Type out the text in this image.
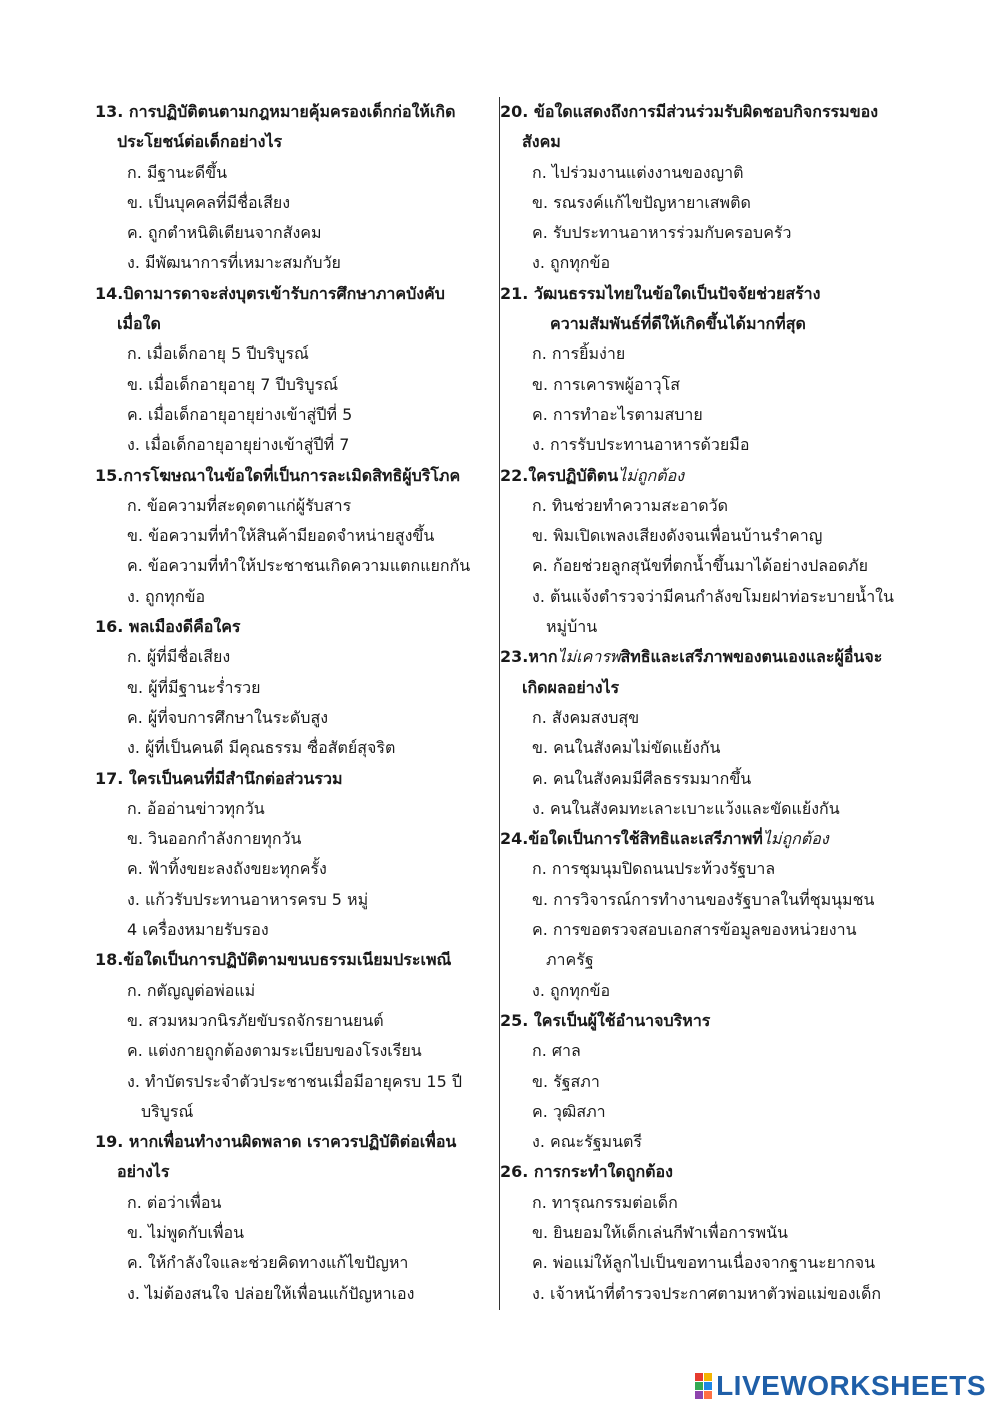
13. การปฏิบัติตนตามกฎหมายคุ้มครองเด็กก่อให้เกิด
ประโยชน์ต่อเด็กอย่างไร
ก. มีฐานะดีขึ้น
ข. เป็นบุคคลที่มีชื่อเสียง
ค. ถูกตำหนิติเตียนจากสังคม
ง. มีพัฒนาการที่เหมาะสมกับวัย
14.บิดามารดาจะส่งบุตรเข้ารับการศึกษาภาคบังคับ
เมื่อใด
ก. เมื่อเด็กอายุ 5 ปีบริบูรณ์
ข. เมื่อเด็กอายุอายุ 7 ปีบริบูรณ์
ค. เมื่อเด็กอายุอายุย่างเข้าสู่ปีที่ 5
ง. เมื่อเด็กอายุอายุย่างเข้าสู่ปีที่ 7
15.การโฆษณาในข้อใดที่เป็นการละเมิดสิทธิผู้บริโภค
ก. ข้อความที่สะดุดตาแก่ผู้รับสาร
ข. ข้อความที่ทำให้สินค้ามียอดจำหน่ายสูงขึ้น
ค. ข้อความที่ทำให้ประชาชนเกิดความแตกแยกกัน
ง. ถูกทุกข้อ
16. พลเมืองดีคือใคร
ก. ผู้ที่มีชื่อเสียง
ข. ผู้ที่มีฐานะร่ำรวย
ค. ผู้ที่จบการศึกษาในระดับสูง
ง. ผู้ที่เป็นคนดี มีคุณธรรม ซื่อสัตย์สุจริต
17. ใครเป็นคนที่มีสำนึกต่อส่วนรวม
ก. อ้ออ่านข่าวทุกวัน
ข. วินออกกำลังกายทุกวัน
ค. ฟ้าทิ้งขยะลงถังขยะทุกครั้ง
ง. แก้วรับประทานอาหารครบ 5 หมู่
4 เครื่องหมายรับรอง
18.ข้อใดเป็นการปฏิบัติตามขนบธรรมเนียมประเพณี
ก. กตัญญูต่อพ่อแม่
ข. สวมหมวกนิรภัยขับรถจักรยานยนต์
ค. แต่งกายถูกต้องตามระเบียบของโรงเรียน
ง. ทำบัตรประจำตัวประชาชนเมื่อมีอายุครบ 15 ปี
บริบูรณ์
19. หากเพื่อนทำงานผิดพลาด เราควรปฏิบัติต่อเพื่อน
อย่างไร
ก. ต่อว่าเพื่อน
ข. ไม่พูดกับเพื่อน
ค. ให้กำลังใจและช่วยคิดทางแก้ไขปัญหา
ง. ไม่ต้องสนใจ ปล่อยให้เพื่อนแก้ปัญหาเอง
20. ข้อใดแสดงถึงการมีส่วนร่วมรับผิดชอบกิจกรรมของ
สังคม
ก. ไปร่วมงานแต่งงานของญาติ
ข. รณรงค์แก้ไขปัญหายาเสพติด
ค. รับประทานอาหารร่วมกับครอบครัว
ง. ถูกทุกข้อ
21. วัฒนธรรมไทยในข้อใดเป็นปัจจัยช่วยสร้าง
ความสัมพันธ์ที่ดีให้เกิดขึ้นได้มากที่สุด
ก. การยิ้มง่าย
ข. การเคารพผู้อาวุโส
ค. การทำอะไรตามสบาย
ง. การรับประทานอาหารด้วยมือ
22.ใครปฏิบัติตนไม่ถูกต้อง
ก. ทินช่วยทำความสะอาดวัด
ข. พิมเปิดเพลงเสียงดังจนเพื่อนบ้านรำคาญ
ค. ก้อยช่วยลูกสุนัขที่ตกน้ำขึ้นมาได้อย่างปลอดภัย
ง. ต้นแจ้งตำรวจว่ามีคนกำลังขโมยฝาท่อระบายน้ำใน
หมู่บ้าน
23.หากไม่เคารพสิทธิและเสรีภาพของตนเองและผู้อื่นจะ
เกิดผลอย่างไร
ก. สังคมสงบสุข
ข. คนในสังคมไม่ขัดแย้งกัน
ค. คนในสังคมมีศีลธรรมมากขึ้น
ง. คนในสังคมทะเลาะเบาะแว้งและขัดแย้งกัน
24.ข้อใดเป็นการใช้สิทธิและเสรีภาพที่ไม่ถูกต้อง
ก. การชุมนุมปิดถนนประท้วงรัฐบาล
ข. การวิจารณ์การทำงานของรัฐบาลในที่ชุมนุมชน
ค. การขอตรวจสอบเอกสารข้อมูลของหน่วยงาน
ภาครัฐ
ง. ถูกทุกข้อ
25. ใครเป็นผู้ใช้อำนาจบริหาร
ก. ศาล
ข. รัฐสภา
ค. วุฒิสภา
ง. คณะรัฐมนตรี
26. การกระทำใดถูกต้อง
ก. ทารุณกรรมต่อเด็ก
ข. ยินยอมให้เด็กเล่นกีฬาเพื่อการพนัน
ค. พ่อแม่ให้ลูกไปเป็นขอทานเนื่องจากฐานะยากจน
ง. เจ้าหน้าที่ตำรวจประกาศตามหาตัวพ่อแม่ของเด็ก
LIVEWORKSHEETS
